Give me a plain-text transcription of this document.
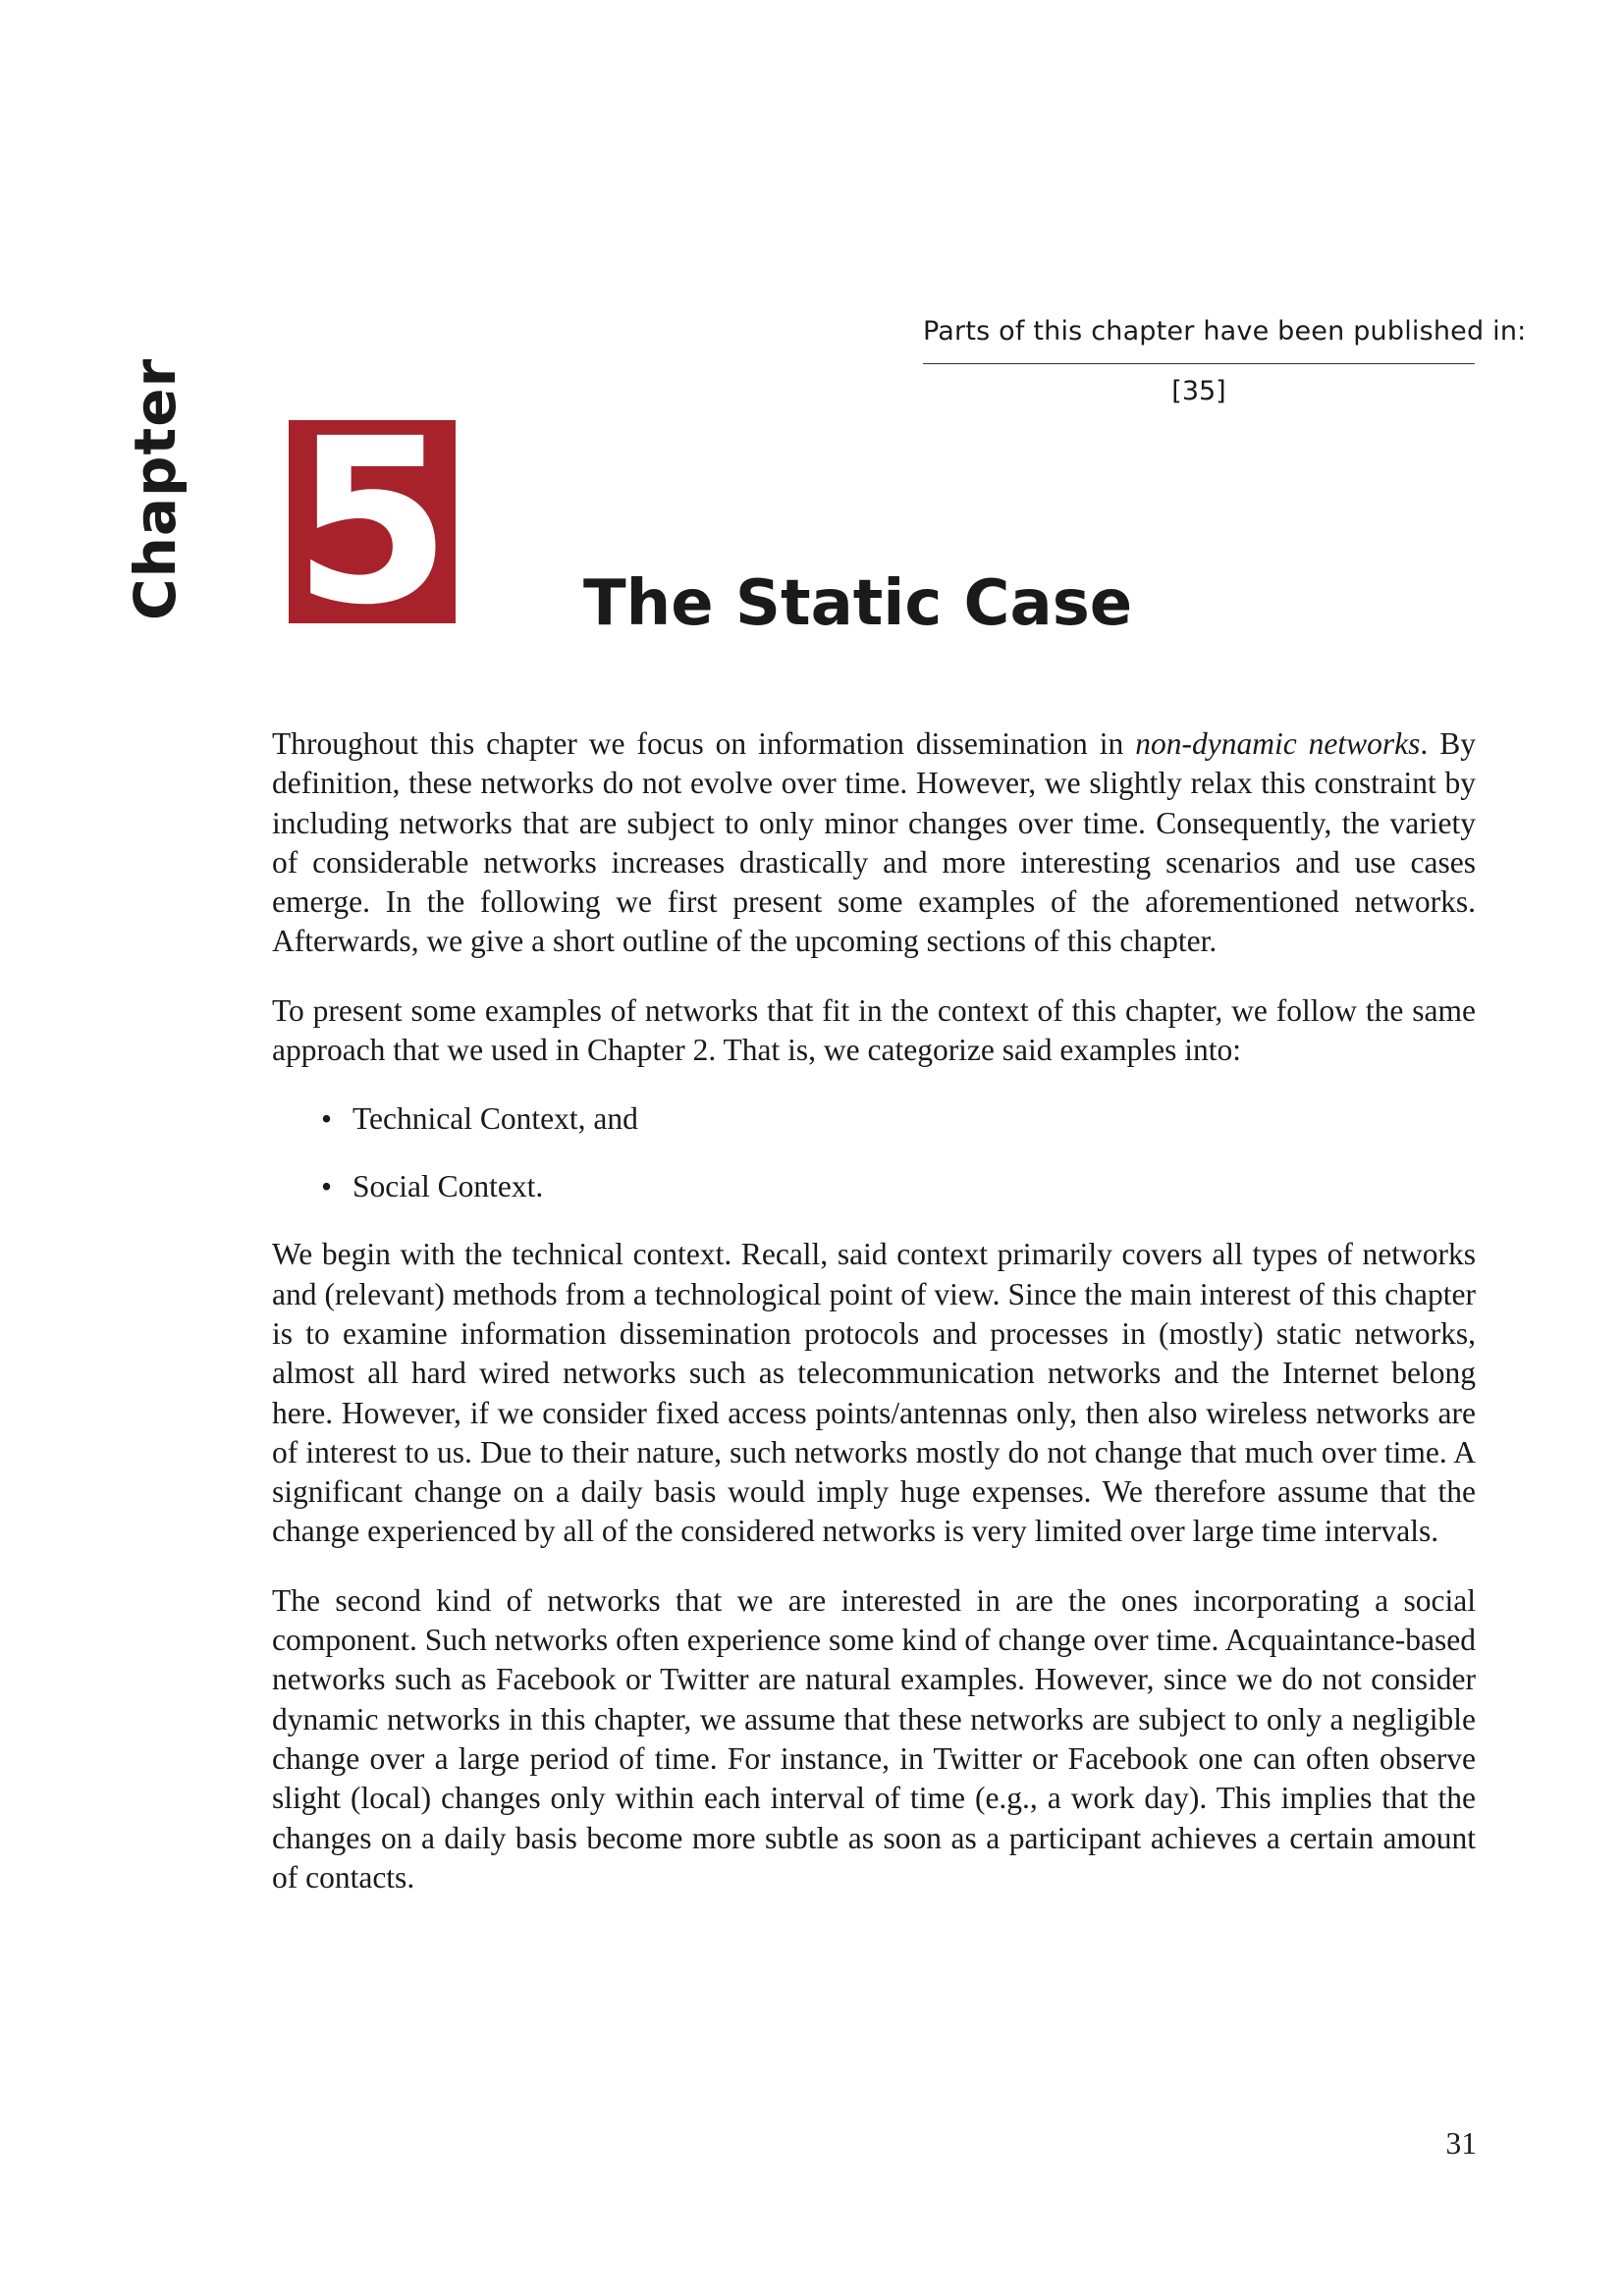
Parts of this chapter have been published in:
[35]
Chapter 5 The Static Case

Throughout this chapter we focus on information dissemination in non-dynamic networks. By definition, these networks do not evolve over time. However, we slightly relax this constraint by including networks that are subject to only minor changes over time. Consequently, the variety of considerable networks increases drastically and more interesting scenarios and use cases emerge. In the following we first present some examples of the aforementioned networks. Afterwards, we give a short outline of the upcoming sections of this chapter.

To present some examples of networks that fit in the context of this chapter, we follow the same approach that we used in Chapter 2. That is, we categorize said examples into:

• Technical Context, and
• Social Context.

We begin with the technical context. Recall, said context primarily covers all types of networks and (relevant) methods from a technological point of view. Since the main interest of this chapter is to examine information dissemination protocols and processes in (mostly) static networks, almost all hard wired networks such as telecommunication networks and the Internet belong here. However, if we consider fixed access points/antennas only, then also wireless networks are of interest to us. Due to their nature, such networks mostly do not change that much over time. A significant change on a daily basis would imply huge expenses. We therefore assume that the change experienced by all of the considered networks is very limited over large time intervals.

The second kind of networks that we are interested in are the ones incorporating a social component. Such networks often experience some kind of change over time. Acquaintance-based networks such as Facebook or Twitter are natural examples. However, since we do not consider dynamic networks in this chapter, we assume that these networks are subject to only a negligible change over a large period of time. For instance, in Twitter or Facebook one can often observe slight (local) changes only within each interval of time (e.g., a work day). This implies that the changes on a daily basis become more subtle as soon as a participant achieves a certain amount of contacts.

31
